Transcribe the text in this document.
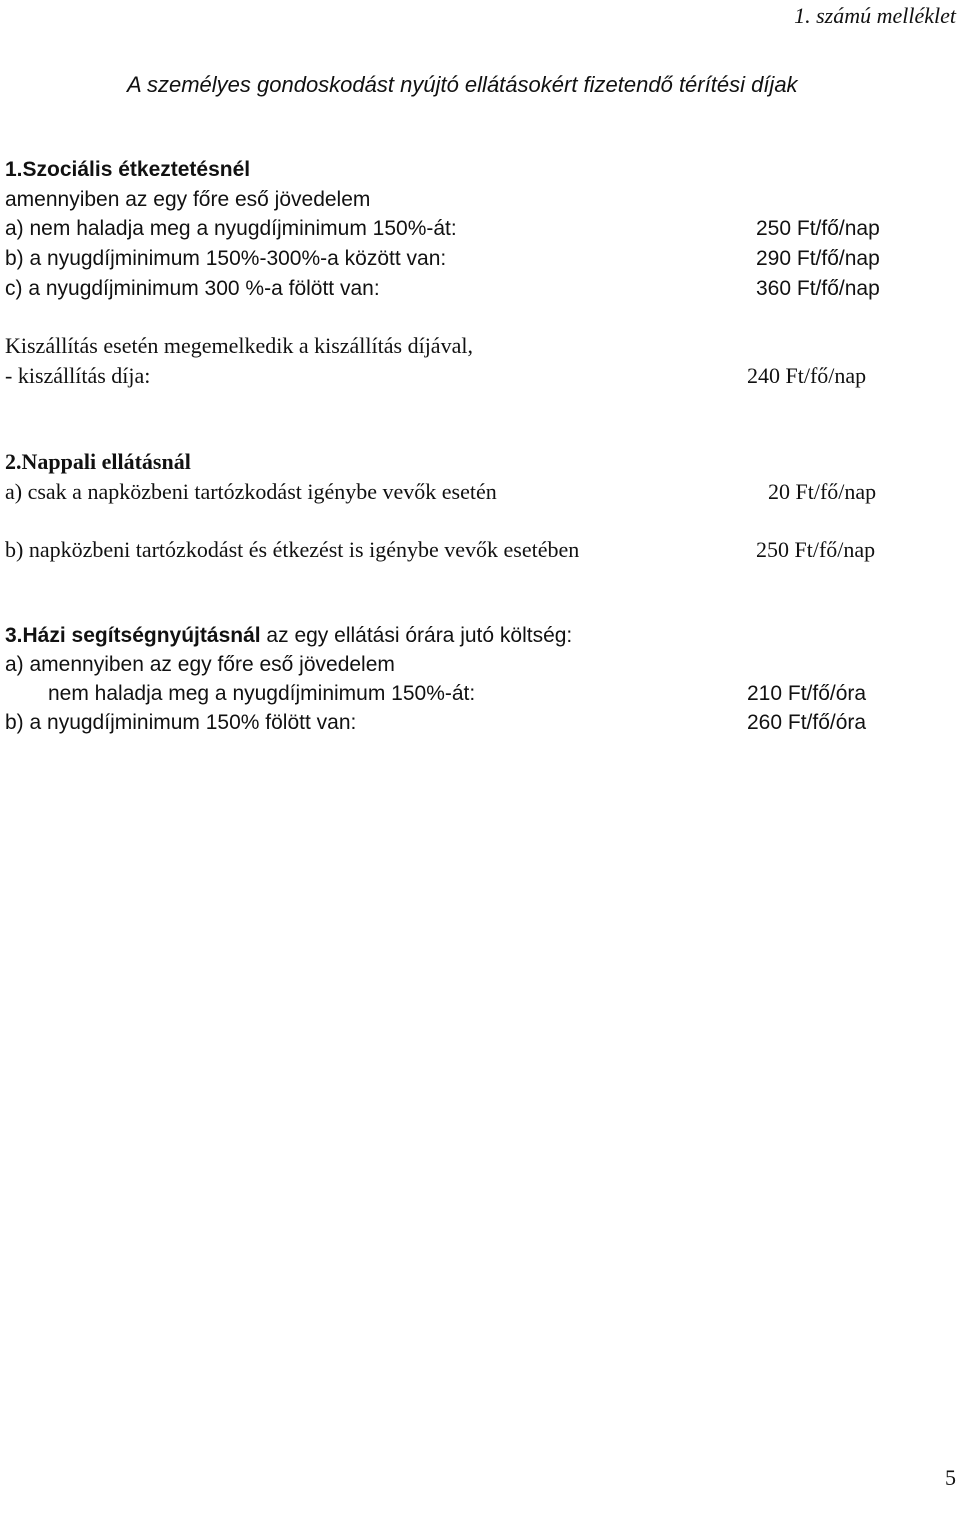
1. számú melléklet
A személyes gondoskodást nyújtó ellátásokért fizetendő térítési díjak
1.Szociális étkeztetésnél
amennyiben az egy főre eső jövedelem
a) nem haladja meg a nyugdíjminimum 150%-át:	250 Ft/fő/nap
b) a nyugdíjminimum 150%-300%-a között van:	290 Ft/fő/nap
c) a nyugdíjminimum 300 %-a fölött van:	360 Ft/fő/nap
Kiszállítás esetén megemelkedik a kiszállítás díjával,
- kiszállítás díja:	240 Ft/fő/nap
2.Nappali ellátásnál
a) csak a napközbeni tartózkodást igénybe vevők esetén	20 Ft/fő/nap
b) napközbeni tartózkodást és étkezést is igénybe vevők esetében	250 Ft/fő/nap
3.Házi segítségnyújtásnál az egy ellátási órára jutó költség:
a) amennyiben az egy főre eső jövedelem
nem haladja meg a nyugdíjminimum 150%-át:	210 Ft/fő/óra
b) a nyugdíjminimum 150% fölött van:	260 Ft/fő/óra
5
